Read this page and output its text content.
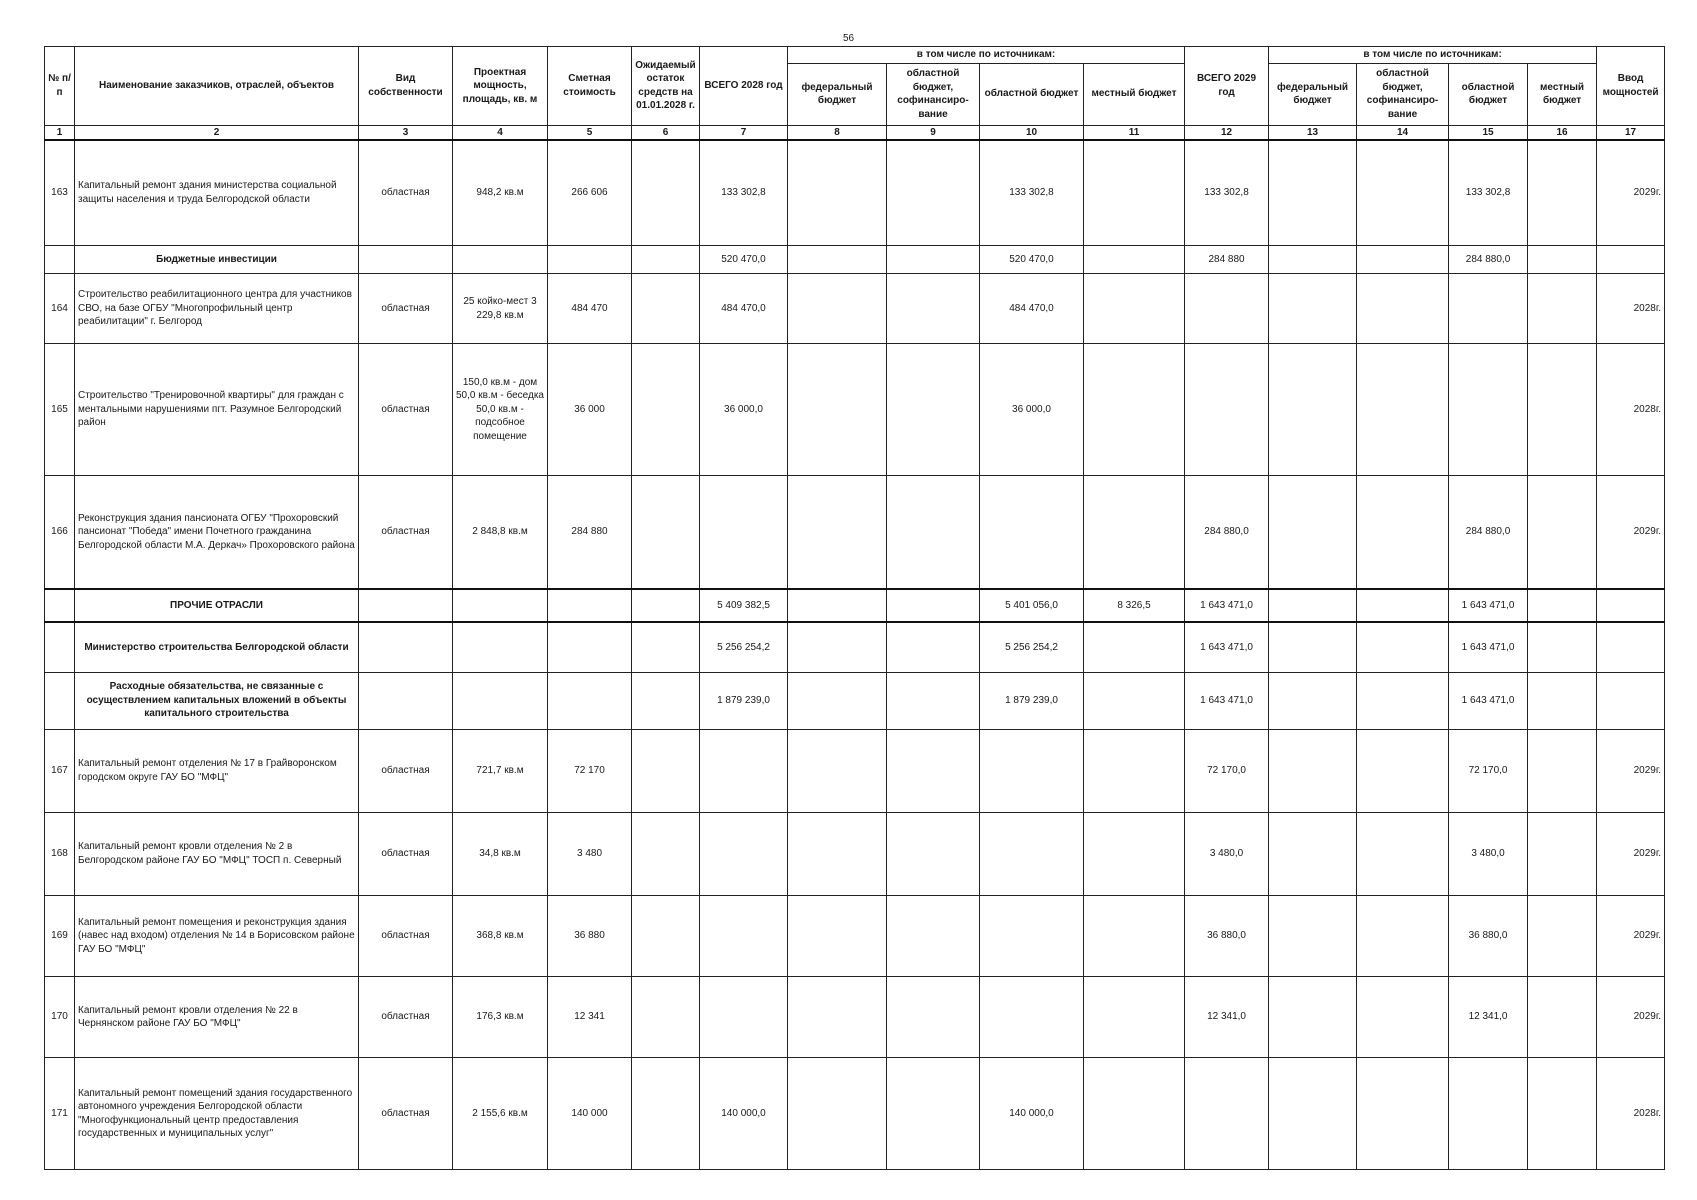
56
№ п/п	Наименование заказчиков, отраслей, объектов	Вид собственности	Проектная мощность, площадь, кв. м	Сметная стоимость	Ожидаемый остаток средств на 01.01.2028 г.	ВСЕГО 2028 год	в том числе по источникам:				ВСЕГО 2029 год	в том числе по источникам:				Ввод мощностей
							федеральный бюджет	областной бюджет, софинансиро-вание	областной бюджет	местный бюджет		федеральный бюджет	областной бюджет, софинансиро-вание	областной бюджет	местный бюджет	
1	2	3	4	5	6	7	8	9	10	11	12	13	14	15	16	17
163	Капитальный ремонт здания министерства социальной защиты населения и труда Белгородской области	областная	948,2 кв.м	266 606		133 302,8			133 302,8		133 302,8			133 302,8		2029г.
	Бюджетные инвестиции					520 470,0			520 470,0		284 880			284 880,0		
164	Строительство реабилитационного центра для участников СВО, на базе ОГБУ "Многопрофильный центр реабилитации" г. Белгород	областная	25 койко-мест 3 229,8 кв.м	484 470		484 470,0			484 470,0							2028г.
165	Строительство "Тренировочной квартиры" для граждан с ментальными нарушениями пгт. Разумное Белгородский район	областная	150,0 кв.м - дом 50,0 кв.м - беседка 50,0 кв.м - подсобное помещение	36 000		36 000,0			36 000,0							2028г.
166	Реконструкция здания пансионата ОГБУ "Прохоровский пансионат "Победа" имени Почетного гражданина Белгородской области М.А. Деркач» Прохоровского района	областная	2 848,8 кв.м	284 880							284 880,0			284 880,0		2029г.
	ПРОЧИЕ ОТРАСЛИ					5 409 382,5			5 401 056,0	8 326,5	1 643 471,0			1 643 471,0		
	Министерство строительства Белгородской области					5 256 254,2			5 256 254,2		1 643 471,0			1 643 471,0		
	Расходные обязательства, не связанные с осуществлением капитальных вложений в объекты капитального строительства					1 879 239,0			1 879 239,0		1 643 471,0			1 643 471,0		
167	Капитальный ремонт отделения № 17 в Грайворонском городском округе ГАУ БО "МФЦ"	областная	721,7 кв.м	72 170							72 170,0			72 170,0		2029г.
168	Капитальный ремонт кровли отделения № 2 в Белгородском районе ГАУ БО "МФЦ" ТОСП п. Северный	областная	34,8 кв.м	3 480							3 480,0			3 480,0		2029г.
169	Капитальный ремонт помещения и реконструкция здания (навес над входом) отделения № 14 в Борисовском районе ГАУ БО "МФЦ"	областная	368,8 кв.м	36 880							36 880,0			36 880,0		2029г.
170	Капитальный ремонт кровли отделения № 22 в Чернянском районе ГАУ БО "МФЦ"	областная	176,3 кв.м	12 341							12 341,0			12 341,0		2029г.
171	Капитальный ремонт помещений здания государственного автономного учреждения Белгородской области "Многофункциональный центр предоставления государственных и муниципальных услуг"	областная	2 155,6 кв.м	140 000		140 000,0			140 000,0							2028г.
